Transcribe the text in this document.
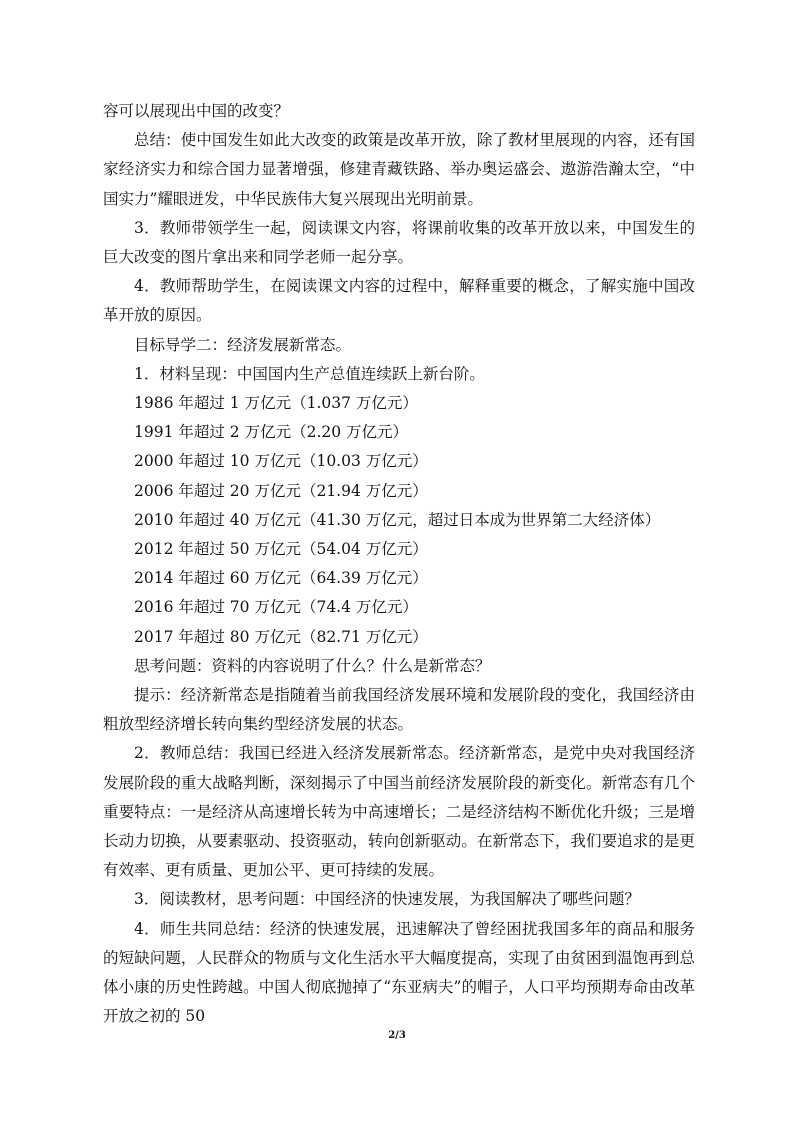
容可以展现出中国的改变？

总结：使中国发生如此大改变的政策是改革开放，除了教材里展现的内容，还有国家经济实力和综合国力显著增强，修建青藏铁路、举办奥运盛会、遨游浩瀚太空，“中国实力”耀眼迸发，中华民族伟大复兴展现出光明前景。

3．教师带领学生一起，阅读课文内容，将课前收集的改革开放以来，中国发生的巨大改变的图片拿出来和同学老师一起分享。

4．教师帮助学生，在阅读课文内容的过程中，解释重要的概念，了解实施中国改革开放的原因。

目标导学二：经济发展新常态。

1．材料呈现：中国国内生产总值连续跃上新台阶。

1986 年超过 1 万亿元（1.037 万亿元）

1991 年超过 2 万亿元（2.20 万亿元）

2000 年超过 10 万亿元（10.03 万亿元）

2006 年超过 20 万亿元（21.94 万亿元）

2010 年超过 40 万亿元（41.30 万亿元，超过日本成为世界第二大经济体）

2012 年超过 50 万亿元（54.04 万亿元）

2014 年超过 60 万亿元（64.39 万亿元）

2016 年超过 70 万亿元（74.4 万亿元）

2017 年超过 80 万亿元（82.71 万亿元）

思考问题：资料的内容说明了什么？什么是新常态？

提示：经济新常态是指随着当前我国经济发展环境和发展阶段的变化，我国经济由粗放型经济增长转向集约型经济发展的状态。

2．教师总结：我国已经进入经济发展新常态。经济新常态，是党中央对我国经济发展阶段的重大战略判断，深刻揭示了中国当前经济发展阶段的新变化。新常态有几个重要特点：一是经济从高速增长转为中高速增长；二是经济结构不断优化升级；三是增长动力切换，从要素驱动、投资驱动，转向创新驱动。在新常态下，我们要追求的是更有效率、更有质量、更加公平、更可持续的发展。

3．阅读教材，思考问题：中国经济的快速发展，为我国解决了哪些问题？

4．师生共同总结：经济的快速发展，迅速解决了曾经困扰我国多年的商品和服务的短缺问题，人民群众的物质与文化生活水平大幅度提高，实现了由贫困到温饱再到总体小康的历史性跨越。中国人彻底抛掉了“东亚病夫”的帽子，人口平均预期寿命由改革开放之初的 50

2/3
